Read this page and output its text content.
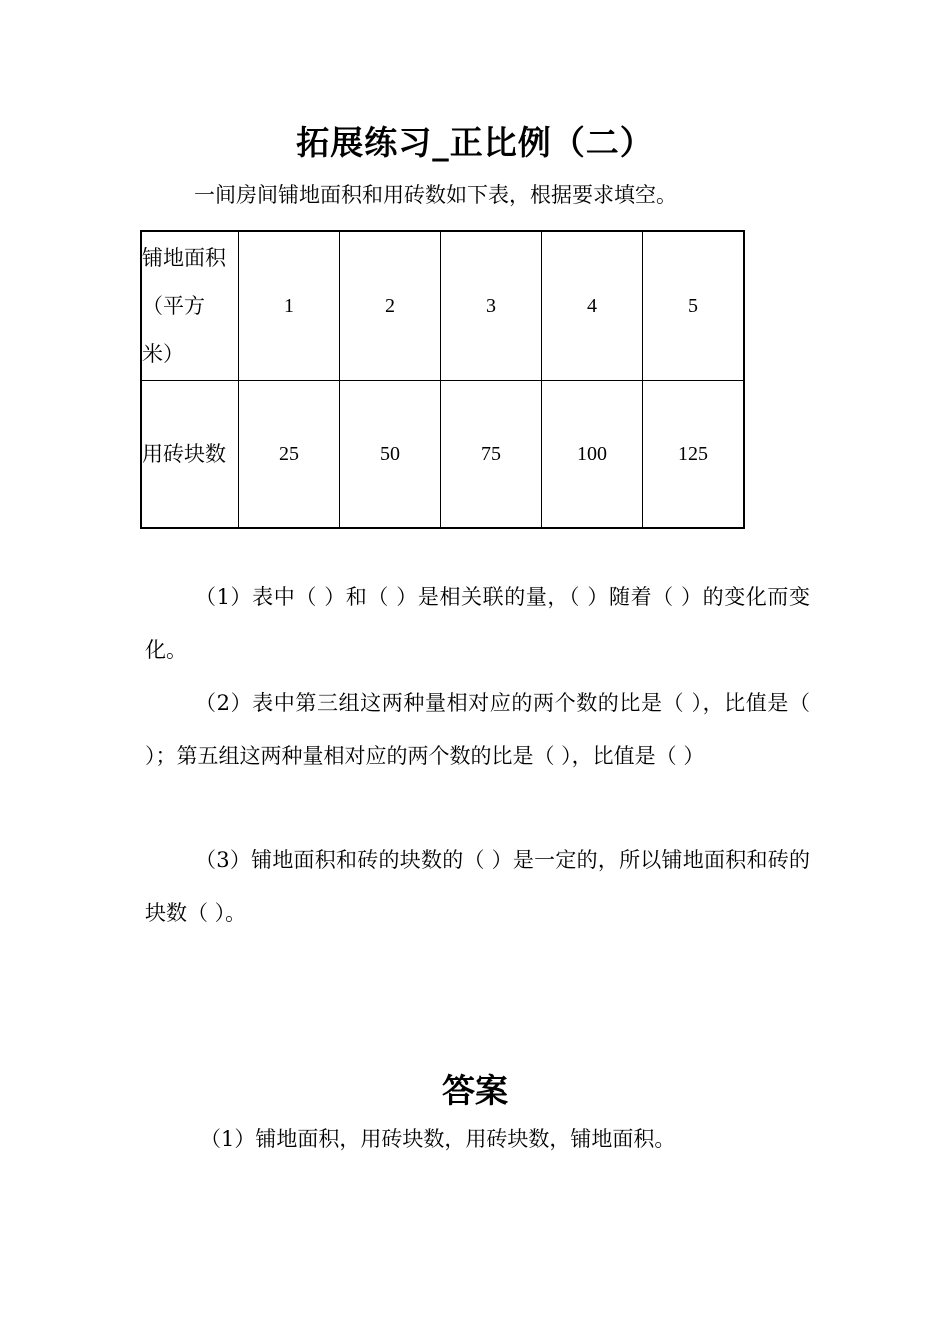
拓展练习_正比例（二）
一间房间铺地面积和用砖数如下表，根据要求填空。
铺地面积
（平方
米）	1	2	3	4	5
用砖块数	25	50	75	100	125
（1）表中（ ）和（ ）是相关联的量，（ ）随着（ ）的变化而变化。
（2）表中第三组这两种量相对应的两个数的比是（ ），比值是（ ）；第五组这两种量相对应的两个数的比是（ ），比值是（ ）
（3）铺地面积和砖的块数的（ ）是一定的，所以铺地面积和砖的块数（ ）。
答案
（1）铺地面积，用砖块数，用砖块数，铺地面积。
